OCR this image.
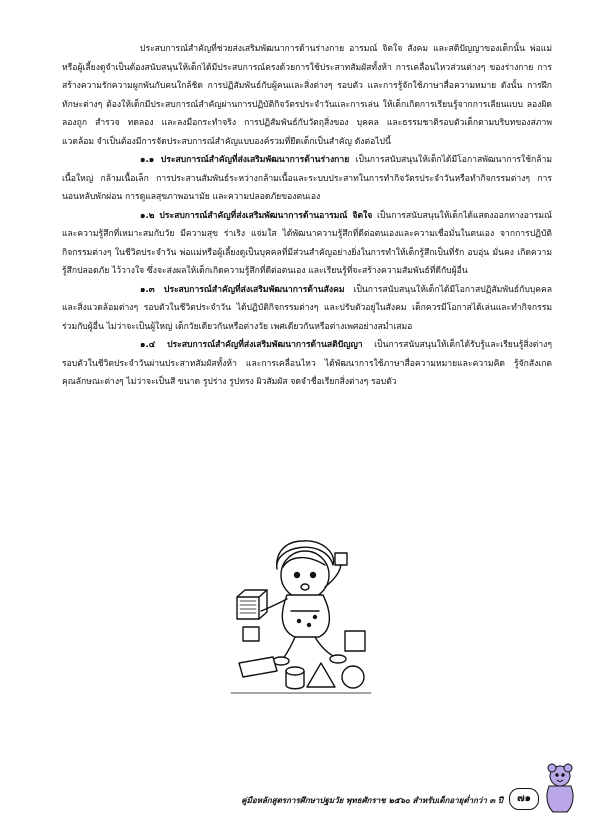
ประสบการณ์สำคัญที่ช่วยส่งเสริมพัฒนาการด้านร่างกาย อารมณ์ จิตใจ สังคม และสติปัญญาของเด็กนั้น พ่อแม่หรือผู้เลี้ยงดูจำเป็นต้องสนับสนุนให้เด็กได้มีประสบการณ์ตรงด้วยการใช้ประสาทสัมผัสทั้งห้า การเคลื่อนไหวส่วนต่างๆ ของร่างกาย การสร้างความรักความผูกพันกับคนใกล้ชิด การปฏิสัมพันธ์กับผู้คนและสิ่งต่างๆ รอบตัว และการรู้จักใช้ภาษาสื่อความหมาย ดังนั้น การฝึกทักษะต่างๆ ต้องให้เด็กมีประสบการณ์สำคัญผ่านการปฏิบัติกิจวัตรประจำวันและการเล่น ให้เด็กเกิดการเรียนรู้จากการเลียนแบบ ลองผิดลองถูก สำรวจ ทดลอง และลงมือกระทำจริง การปฏิสัมพันธ์กับวัตถุสิ่งของ บุคคล และธรรมชาติรอบตัวเด็กตามบริบทของสภาพแวดล้อม จำเป็นต้องมีการจัดประสบการณ์สำคัญแบบองค์รวมที่ยึดเด็กเป็นสำคัญ ดังต่อไปนี้

๑.๑ ประสบการณ์สำคัญที่ส่งเสริมพัฒนาการด้านร่างกาย เป็นการสนับสนุนให้เด็กได้มีโอกาสพัฒนาการใช้กล้ามเนื้อใหญ่ กล้ามเนื้อเล็ก การประสานสัมพันธ์ระหว่างกล้ามเนื้อและระบบประสาทในการทำกิจวัตรประจำวันหรือทำกิจกรรมต่างๆ การนอนหลับพักผ่อน การดูแลสุขภาพอนามัย และความปลอดภัยของตนเอง

๑.๒ ประสบการณ์สำคัญที่ส่งเสริมพัฒนาการด้านอารมณ์ จิตใจ เป็นการสนับสนุนให้เด็กได้แสดงออกทางอารมณ์และความรู้สึกที่เหมาะสมกับวัย มีความสุข ร่าเริง แจ่มใส ได้พัฒนาความรู้สึกที่ดีต่อตนเองและความเชื่อมั่นในตนเอง จากการปฏิบัติกิจกรรมต่างๆ ในชีวิตประจำวัน พ่อแม่หรือผู้เลี้ยงดูเป็นบุคคลที่มีส่วนสำคัญอย่างยิ่งในการทำให้เด็กรู้สึกเป็นที่รัก อบอุ่น มั่นคง เกิดความรู้สึกปลอดภัย ไว้วางใจ ซึ่งจะส่งผลให้เด็กเกิดความรู้สึกที่ดีต่อตนเอง และเรียนรู้ที่จะสร้างความสัมพันธ์ที่ดีกับผู้อื่น

๑.๓ ประสบการณ์สำคัญที่ส่งเสริมพัฒนาการด้านสังคม เป็นการสนับสนุนให้เด็กได้มีโอกาสปฏิสัมพันธ์กับบุคคลและสิ่งแวดล้อมต่างๆ รอบตัวในชีวิตประจำวัน ได้ปฏิบัติกิจกรรมต่างๆ และปรับตัวอยู่ในสังคม เด็กควรมีโอกาสได้เล่นและทำกิจกรรมร่วมกับผู้อื่น ไม่ว่าจะเป็นผู้ใหญ่ เด็กวัยเดียวกันหรือต่างวัย เพศเดียวกันหรือต่างเพศอย่างสม่ำเสมอ

๑.๔ ประสบการณ์สำคัญที่ส่งเสริมพัฒนาการด้านสติปัญญา เป็นการสนับสนุนให้เด็กได้รับรู้และเรียนรู้สิ่งต่างๆ รอบตัวในชีวิตประจำวันผ่านประสาทสัมผัสทั้งห้า และการเคลื่อนไหว ได้พัฒนาการใช้ภาษาสื่อความหมายและความคิด รู้จักสังเกตคุณลักษณะต่างๆ ไม่ว่าจะเป็นสี ขนาด รูปร่าง รูปทรง ผิวสัมผัส จดจำชื่อเรียกสิ่งต่างๆ รอบตัว

คู่มือหลักสูตรการศึกษาปฐมวัย พุทธศักราช ๒๕๖๐ สำหรับเด็กอายุต่ำกว่า ๓ ปี	๗๑
